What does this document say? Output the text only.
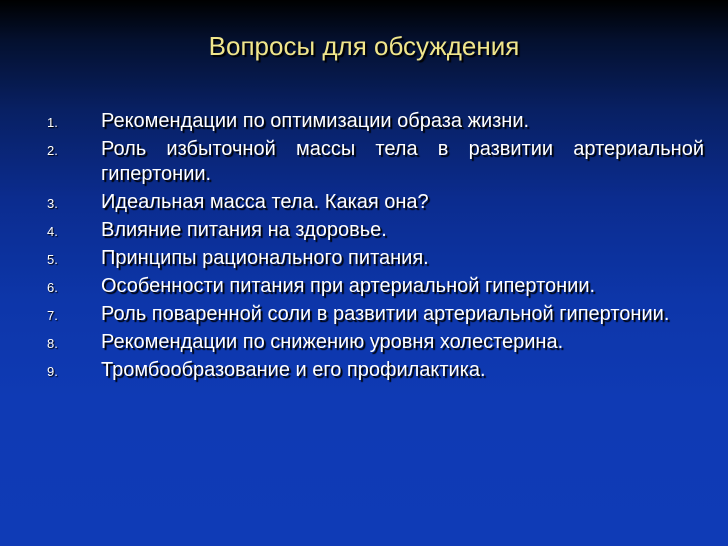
Вопросы для обсуждения
1. Рекомендации по оптимизации образа жизни.
2. Роль избыточной массы тела в развитии артериальной гипертонии.
3. Идеальная масса тела. Какая она?
4. Влияние питания на здоровье.
5. Принципы рационального питания.
6. Особенности питания при артериальной гипертонии.
7. Роль поваренной соли в развитии артериальной гипертонии.
8. Рекомендации по снижению уровня холестерина.
9. Тромбообразование и его профилактика.
